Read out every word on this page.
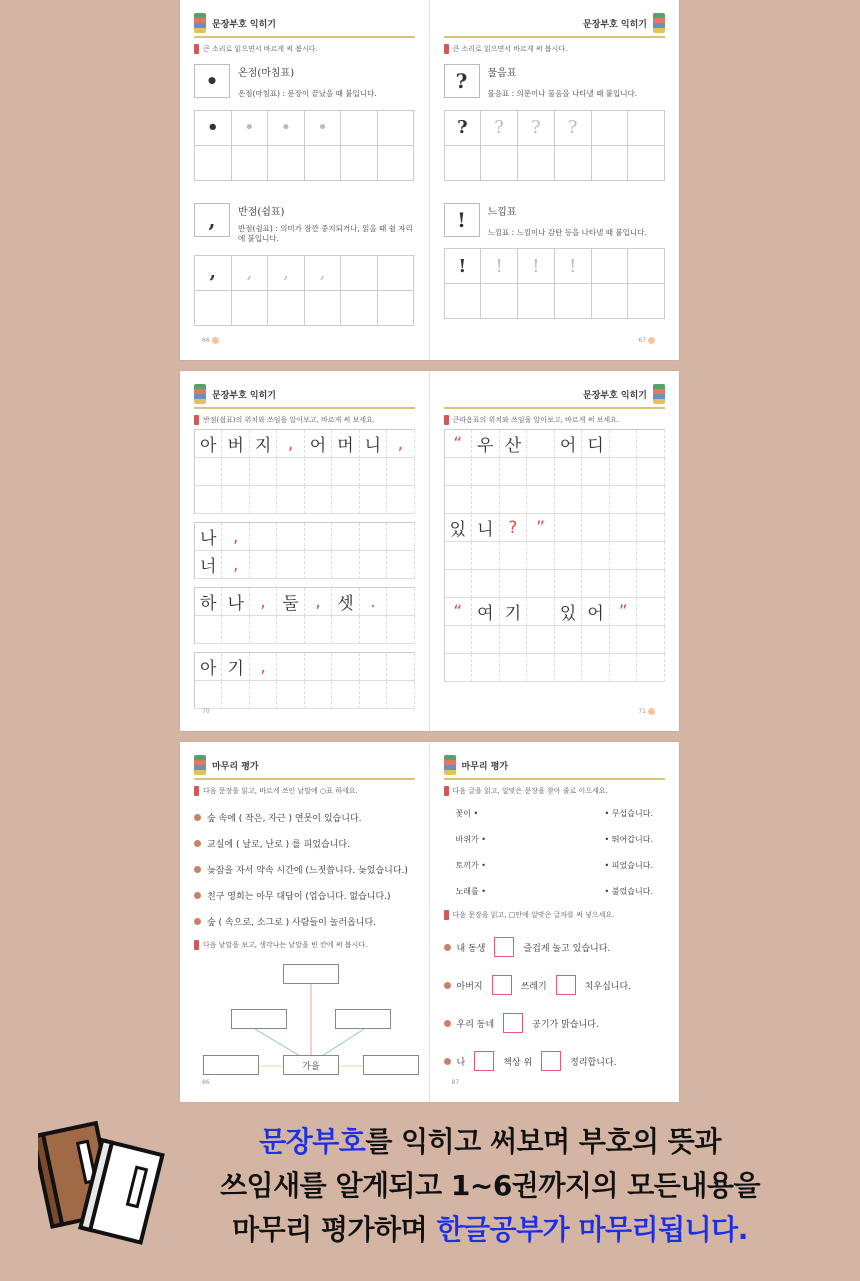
문장부호 익히기
큰 소리로 읽으면서 바르게 써 봅시다.
•	온점(마침표)
온점(마침표) : 문장이 끝났을 때 붙입니다.
•	•	•	•
,	반점(쉼표)
반점(쉼표) : 의미가 잠깐 중지되거나, 읽을 때 쉴 자리에 붙입니다.
,	,	,	,
66
문장부호 익히기
큰 소리로 읽으면서 바르게 써 봅시다.
?	물음표
물음표 : 의문이나 물음을 나타낼 때 붙입니다.
?	?	?	?
!	느낌표
느낌표 : 느낌이나 감탄 등을 나타낼 때 붙입니다.
!	!	!	!
67
문장부호 익히기
반점(쉼표)의 위치와 쓰임을 알아보고, 바르게 써 보세요.
아 버 지 , 어 머 니 ,
나 ,
너 ,
하 나 , 둘 , 셋 .
아 기 ,
70
문장부호 익히기
큰따옴표의 위치와 쓰임을 알아보고, 바르게 써 보세요.
“ 우 산	어 디
있 니 ?	”
“ 여 기	있 어 ”
71
마무리 평가
다음 문장을 읽고, 바르게 쓰인 낱말에 ○표 하세요.
숲 속에 ( 작은, 자근 ) 연못이 있습니다.
교실에 ( 날로, 난로 ) 를 피었습니다.
늦잠을 자서 약속 시간에 (느젓씁니다. 늦었습니다.)
친구 영희는 아무 대답이 (업습니다. 없습니다.)
숲 ( 속으로, 소그로 ) 사람들이 놀러옵니다.
다음 낱말을 보고, 생각나는 낱말을 빈 칸에 써 봅시다.
가을
86
마무리 평가
다음 글을 읽고, 알맞은 문장을 찾아 줄로 이으세요.
꽃이 •	• 무섭습니다.
바위가 •	• 뛰어갑니다.
토끼가 •	• 피었습니다.
노래를 •	• 불렀습니다.
다음 문장을 읽고, □안에 알맞은 글자를 써 넣으세요.
내 동생	즐겁게 놀고 있습니다.
아버지	쓰레기	치우십니다.
우리 동네	공기가 맑습니다.
나	책상 위	정리합니다.
87
문장부호를 익히고 써보며 부호의 뜻과
쓰임새를 알게되고 1~6권까지의 모든내용을
마무리 평가하며 한글공부가 마무리됩니다.
